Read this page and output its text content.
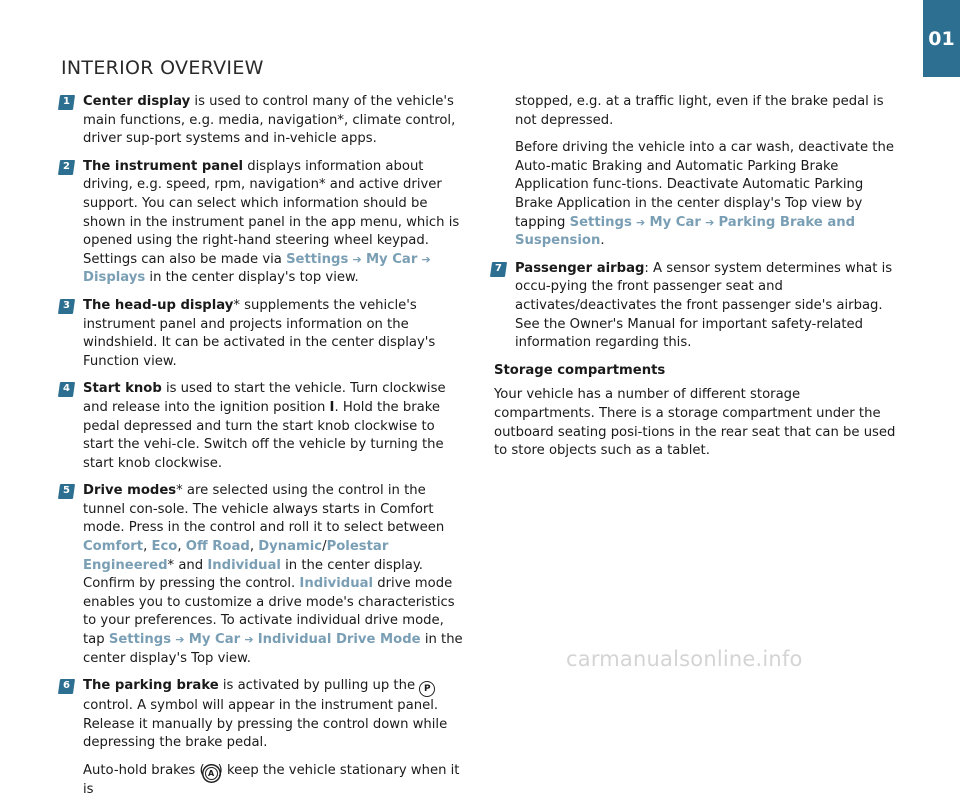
01
INTERIOR OVERVIEW
1 Center display is used to control many of the vehicle's main functions, e.g. media, navigation*, climate control, driver sup-port systems and in-vehicle apps.

2 The instrument panel displays information about driving, e.g. speed, rpm, navigation* and active driver support. You can select which information should be shown in the instrument panel in the app menu, which is opened using the right-hand steering wheel keypad. Settings can also be made via Settings ➔ My Car ➔ Displays in the center display's top view.

3 The head-up display* supplements the vehicle's instrument panel and projects information on the windshield. It can be activated in the center display's Function view.

4 Start knob is used to start the vehicle. Turn clockwise and release into the ignition position I. Hold the brake pedal depressed and turn the start knob clockwise to start the vehi-cle. Switch off the vehicle by turning the start knob clockwise.

5 Drive modes* are selected using the control in the tunnel con-sole. The vehicle always starts in Comfort mode. Press in the control and roll it to select between Comfort, Eco, Off Road, Dynamic/Polestar Engineered* and Individual in the center display. Confirm by pressing the control. Individual drive mode enables you to customize a drive mode's characteristics to your preferences. To activate individual drive mode, tap Settings ➔ My Car ➔ Individual Drive Mode in the center display's Top view.

6 The parking brake is activated by pulling up the P control. A symbol will appear in the instrument panel. Release it manually by pressing the control down while depressing the brake pedal.

Auto-hold brakes ( A ) keep the vehicle stationary when it is

stopped, e.g. at a traffic light, even if the brake pedal is not depressed.

Before driving the vehicle into a car wash, deactivate the Auto-matic Braking and Automatic Parking Brake Application func-tions. Deactivate Automatic Parking Brake Application in the center display's Top view by tapping Settings ➔ My Car ➔ Parking Brake and Suspension.

7 Passenger airbag: A sensor system determines what is occu-pying the front passenger seat and activates/deactivates the front passenger side's airbag. See the Owner's Manual for important safety-related information regarding this.

Storage compartments

Your vehicle has a number of different storage compartments. There is a storage compartment under the outboard seating posi-tions in the rear seat that can be used to store objects such as a tablet.

carmanualsonline.info
